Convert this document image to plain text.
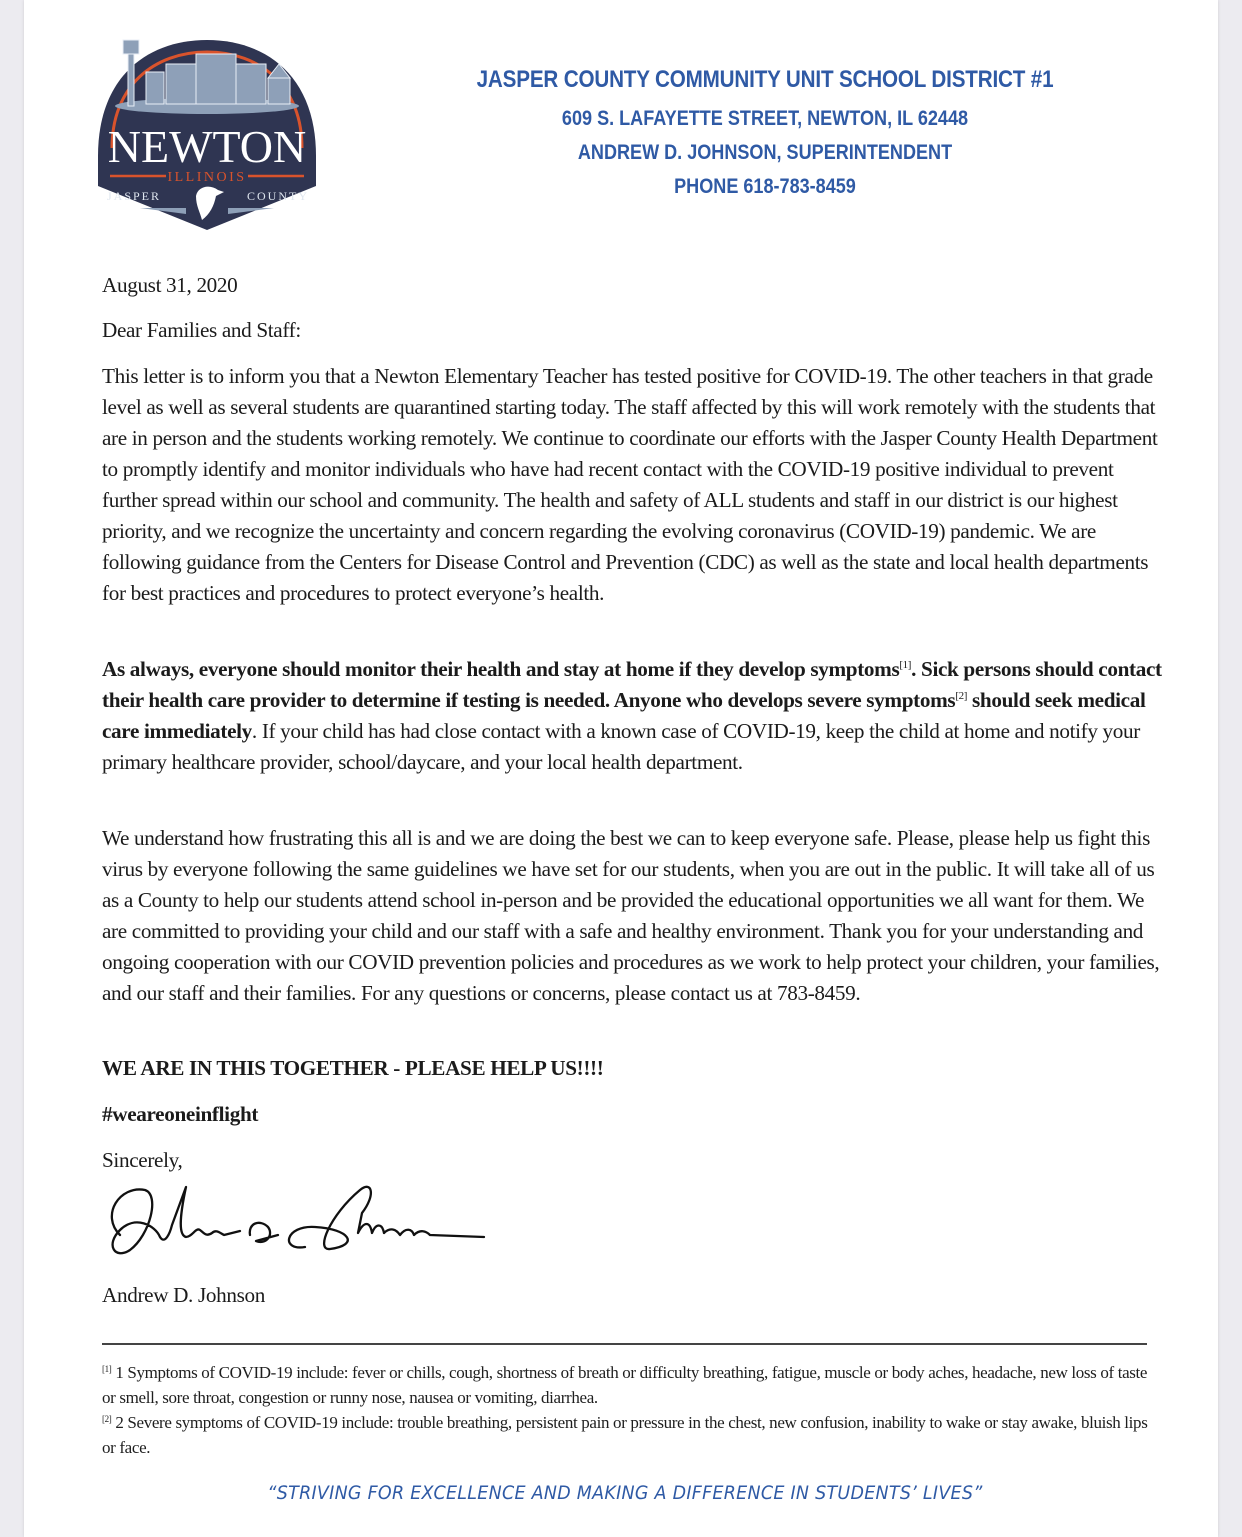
NEWTON
ILLINOIS
JASPER	COUNTY
JASPER COUNTY COMMUNITY UNIT SCHOOL DISTRICT #1
609 S. LAFAYETTE STREET, NEWTON, IL 62448
ANDREW D. JOHNSON, SUPERINTENDENT
PHONE 618-783-8459
August 31, 2020
Dear Families and Staff:

This letter is to inform you that a Newton Elementary Teacher has tested positive for COVID-19. The other teachers in that grade level as well as several students are quarantined starting today. The staff affected by this will work remotely with the students that are in person and the students working remotely. We continue to coordinate our efforts with the Jasper County Health Department to promptly identify and monitor individuals who have had recent contact with the COVID-19 positive individual to prevent further spread within our school and community. The health and safety of ALL students and staff in our district is our highest priority, and we recognize the uncertainty and concern regarding the evolving coronavirus (COVID-19) pandemic. We are following guidance from the Centers for Disease Control and Prevention (CDC) as well as the state and local health departments for best practices and procedures to protect everyone’s health.

As always, everyone should monitor their health and stay at home if they develop symptoms[1]. Sick persons should contact their health care provider to determine if testing is needed. Anyone who develops severe symptoms[2] should seek medical care immediately. If your child has had close contact with a known case of COVID-19, keep the child at home and notify your primary healthcare provider, school/daycare, and your local health department.

We understand how frustrating this all is and we are doing the best we can to keep everyone safe. Please, please help us fight this virus by everyone following the same guidelines we have set for our students, when you are out in the public. It will take all of us as a County to help our students attend school in-person and be provided the educational opportunities we all want for them. We are committed to providing your child and our staff with a safe and healthy environment. Thank you for your understanding and ongoing cooperation with our COVID prevention policies and procedures as we work to help protect your children, your families, and our staff and their families. For any questions or concerns, please contact us at 783-8459.

WE ARE IN THIS TOGETHER - PLEASE HELP US!!!!
#weareoneinflight
Sincerely,
Andrew D. Johnson

[1] 1 Symptoms of COVID-19 include: fever or chills, cough, shortness of breath or difficulty breathing, fatigue, muscle or body aches, headache, new loss of taste or smell, sore throat, congestion or runny nose, nausea or vomiting, diarrhea.

[2] 2 Severe symptoms of COVID-19 include: trouble breathing, persistent pain or pressure in the chest, new confusion, inability to wake or stay awake, bluish lips or face.

“STRIVING FOR EXCELLENCE AND MAKING A DIFFERENCE IN STUDENTS’ LIVES”
